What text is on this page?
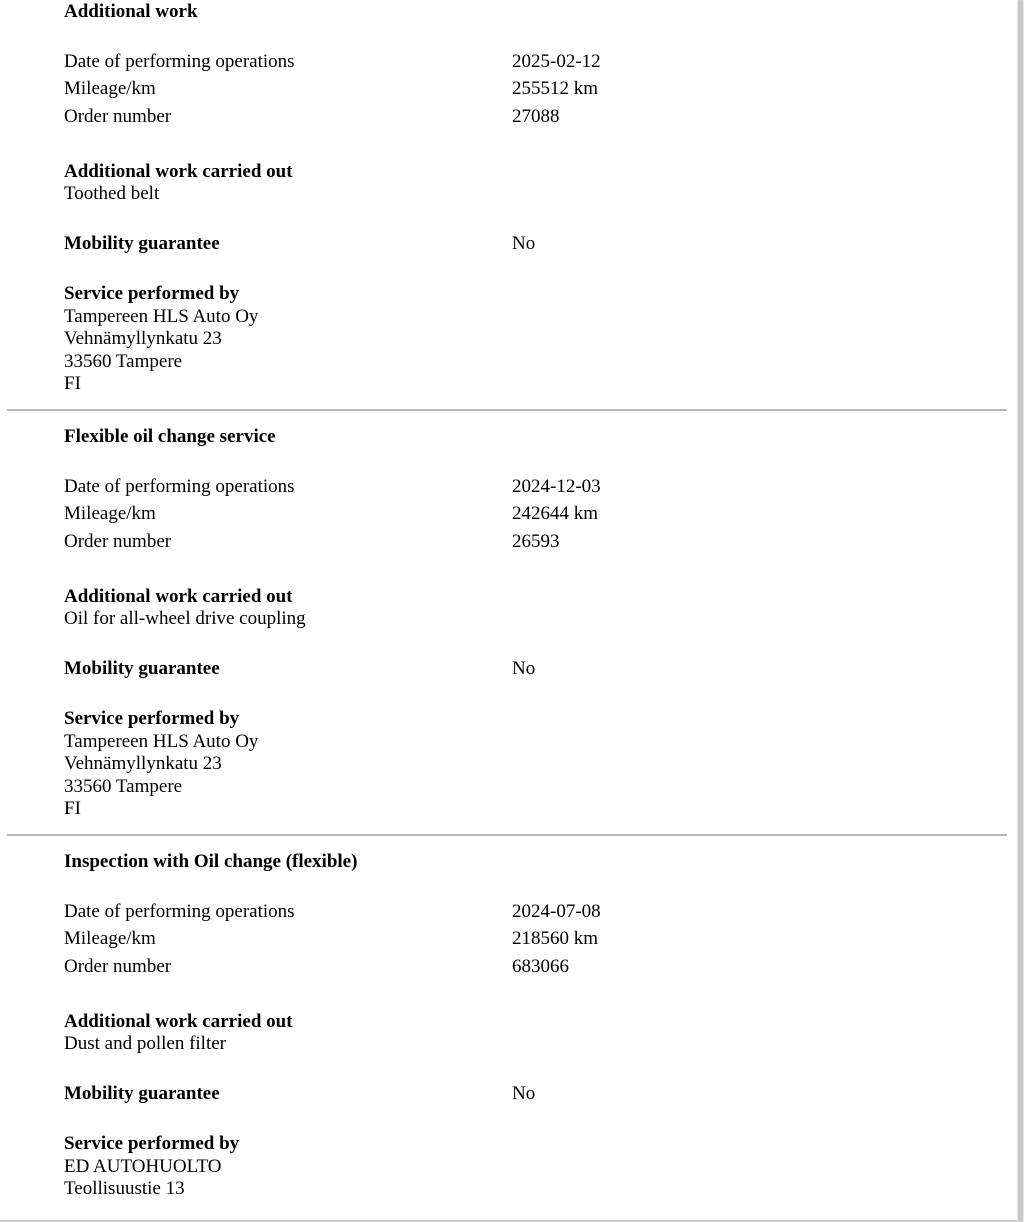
Additional work
Date of performing operations	2025-02-12
Mileage/km	255512 km
Order number	27088
Additional work carried out
Toothed belt
Mobility guarantee	No
Service performed by
Tampereen HLS Auto Oy
Vehnämyllynkatu 23
33560 Tampere
FI
Flexible oil change service
Date of performing operations	2024-12-03
Mileage/km	242644 km
Order number	26593
Additional work carried out
Oil for all-wheel drive coupling
Mobility guarantee	No
Service performed by
Tampereen HLS Auto Oy
Vehnämyllynkatu 23
33560 Tampere
FI
Inspection with Oil change (flexible)
Date of performing operations	2024-07-08
Mileage/km	218560 km
Order number	683066
Additional work carried out
Dust and pollen filter
Mobility guarantee	No
Service performed by
ED AUTOHUOLTO
Teollisuustie 13
